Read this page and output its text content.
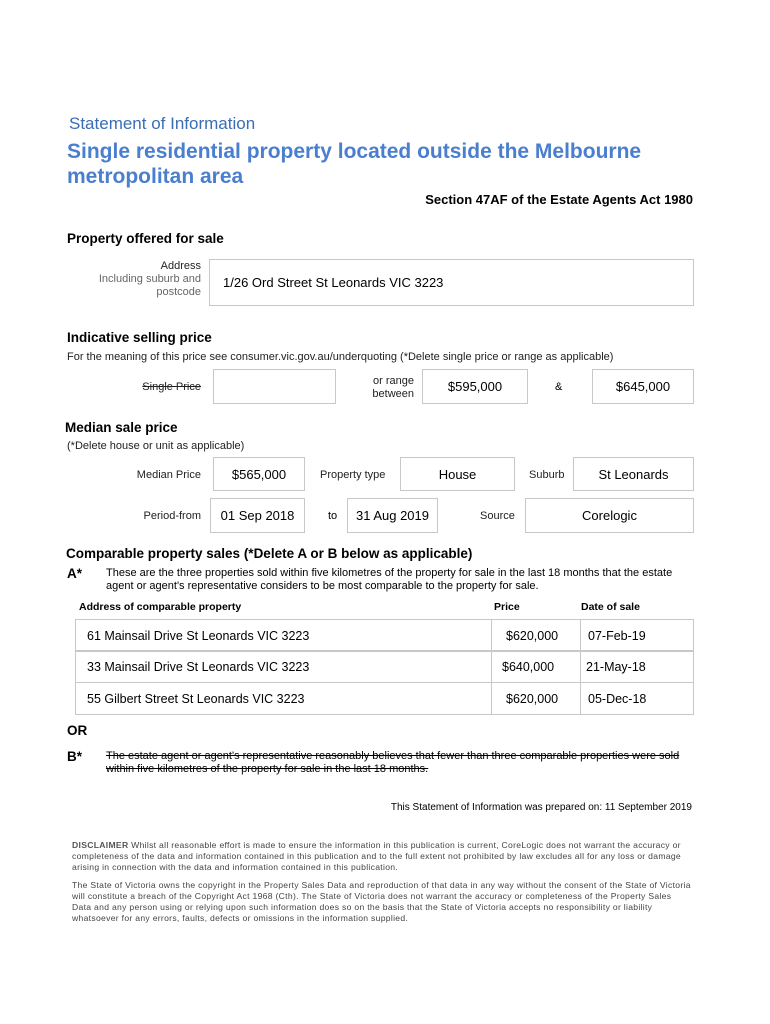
Statement of Information
Single residential property located outside the Melbourne metropolitan area
Section 47AF of the Estate Agents Act 1980
Property offered for sale
Address
Including suburb and
postcode
1/26 Ord Street St Leonards VIC 3223
Indicative selling price
For the meaning of this price see consumer.vic.gov.au/underquoting (*Delete single price or range as applicable)
Single Price	or range
between	$595,000	&	$645,000
Median sale price
(*Delete house or unit as applicable)
Median Price $565,000	Property type	House	Suburb	St Leonards
Period-from 01 Sep 2018	to 31 Aug 2019	Source	Corelogic
Comparable property sales (*Delete A or B below as applicable)
A* These are the three properties sold within five kilometres of the property for sale in the last 18 months that the estate agent or agent's representative considers to be most comparable to the property for sale.
Address of comparable property	Price	Date of sale
61 Mainsail Drive St Leonards VIC 3223	$620,000 07-Feb-19
33 Mainsail Drive St Leonards VIC 3223	$640,000	21-May-18
55 Gilbert Street St Leonards VIC 3223	$620,000 05-Dec-18
OR
B* The estate agent or agent's representative reasonably believes that fewer than three comparable properties were sold within five kilometres of the property for sale in the last 18 months.
This Statement of Information was prepared on: 11 September 2019
DISCLAIMER Whilst all reasonable effort is made to ensure the information in this publication is current, CoreLogic does not warrant the accuracy or completeness of the data and information contained in this publication and to the full extent not prohibited by law excludes all for any loss or damage arising in connection with the data and information contained in this publication.
The State of Victoria owns the copyright in the Property Sales Data and reproduction of that data in any way without the consent of the State of Victoria will constitute a breach of the Copyright Act 1968 (Cth). The State of Victoria does not warrant the accuracy or completeness of the Property Sales Data and any person using or relying upon such information does so on the basis that the State of Victoria accepts no responsibility or liability whatsoever for any errors, faults, defects or omissions in the information supplied.
